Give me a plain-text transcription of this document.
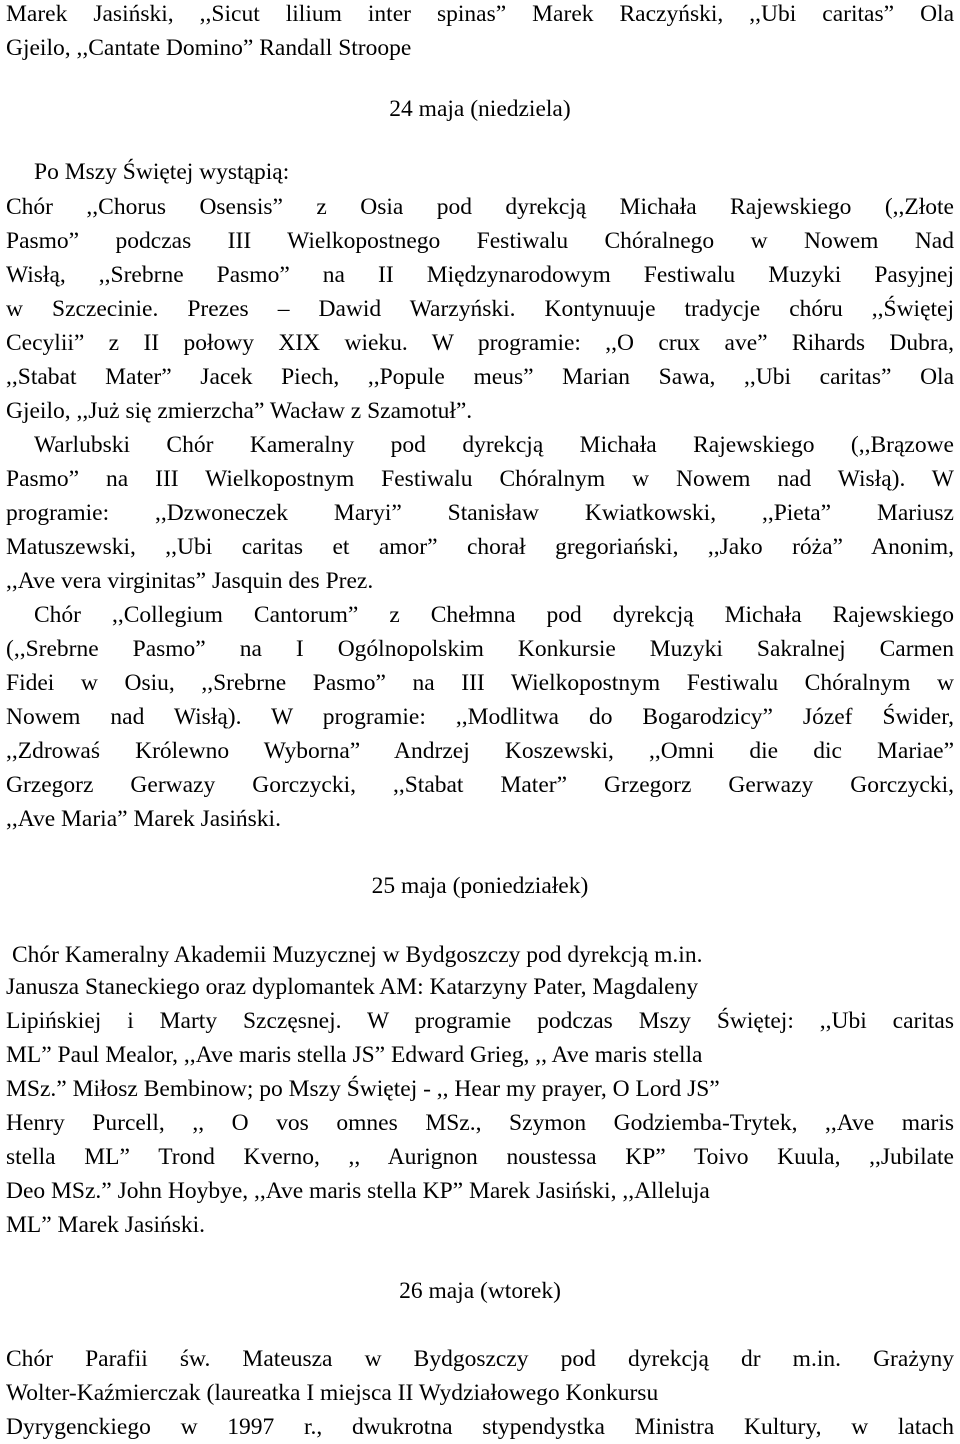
Marek Jasiński, ,,Sicut lilium inter spinas” Marek Raczyński, ,,Ubi caritas” Ola
Gjeilo, ,,Cantate Domino” Randall Stroope
24 maja (niedziela)
Po Mszy Świętej wystąpią:
Chór ,,Chorus Osensis” z Osia pod dyrekcją Michała Rajewskiego (,,Złote
Pasmo” podczas III Wielkopostnego Festiwalu Chóralnego w Nowem Nad
Wisłą, ,,Srebrne Pasmo” na II Międzynarodowym Festiwalu Muzyki Pasyjnej
w Szczecinie. Prezes – Dawid Warzyński. Kontynuuje tradycje chóru ,,Świętej
Cecylii” z II połowy XIX wieku. W programie: ,,O crux ave” Rihards Dubra,
,,Stabat Mater” Jacek Piech, ,,Popule meus” Marian Sawa, ,,Ubi caritas” Ola
Gjeilo, ,,Już się zmierzcha” Wacław z Szamotuł”.
Warlubski Chór Kameralny pod dyrekcją Michała Rajewskiego (,,Brązowe
Pasmo” na III Wielkopostnym Festiwalu Chóralnym w Nowem nad Wisłą). W
programie: ,,Dzwoneczek Maryi” Stanisław Kwiatkowski, ,,Pieta” Mariusz
Matuszewski, ,,Ubi caritas et amor” chorał gregoriański, ,,Jako róża” Anonim,
,,Ave vera virginitas” Jasquin des Prez.
Chór ,,Collegium Cantorum” z Chełmna pod dyrekcją Michała Rajewskiego
(,,Srebrne Pasmo” na I Ogólnopolskim Konkursie Muzyki Sakralnej Carmen
Fidei w Osiu, ,,Srebrne Pasmo” na III Wielkopostnym Festiwalu Chóralnym w
Nowem nad Wisłą). W programie: ,,Modlitwa do Bogarodzicy” Józef Świder,
,,Zdrowaś Królewno Wyborna” Andrzej Koszewski, ,,Omni die dic Mariae”
Grzegorz Gerwazy Gorczycki, ,,Stabat Mater” Grzegorz Gerwazy Gorczycki,
,,Ave Maria” Marek Jasiński.
25 maja (poniedziałek)
Chór Kameralny Akademii Muzycznej w Bydgoszczy pod dyrekcją m.in.
Janusza Staneckiego oraz dyplomantek AM: Katarzyny Pater, Magdaleny
Lipińskiej i Marty Szczęsnej. W programie podczas Mszy Świętej: ,,Ubi caritas
ML” Paul Mealor, ,,Ave maris stella JS” Edward Grieg, ,, Ave maris stella
MSz.” Miłosz Bembinow; po Mszy Świętej - ,, Hear my prayer, O Lord JS”
Henry Purcell, ,, O vos omnes MSz., Szymon Godziemba-Trytek, ,,Ave maris
stella ML” Trond Kverno, ,, Aurignon noustessa KP” Toivo Kuula, ,,Jubilate
Deo MSz.” John Hoybye, ,,Ave maris stella KP” Marek Jasiński, ,,Alleluja
ML” Marek Jasiński.
26 maja (wtorek)
Chór Parafii św. Mateusza w Bydgoszczy pod dyrekcją dr m.in. Grażyny
Wolter-Kaźmierczak (laureatka I miejsca II Wydziałowego Konkursu
Dyrygenckiego w 1997 r., dwukrotna stypendystka Ministra Kultury, w latach
